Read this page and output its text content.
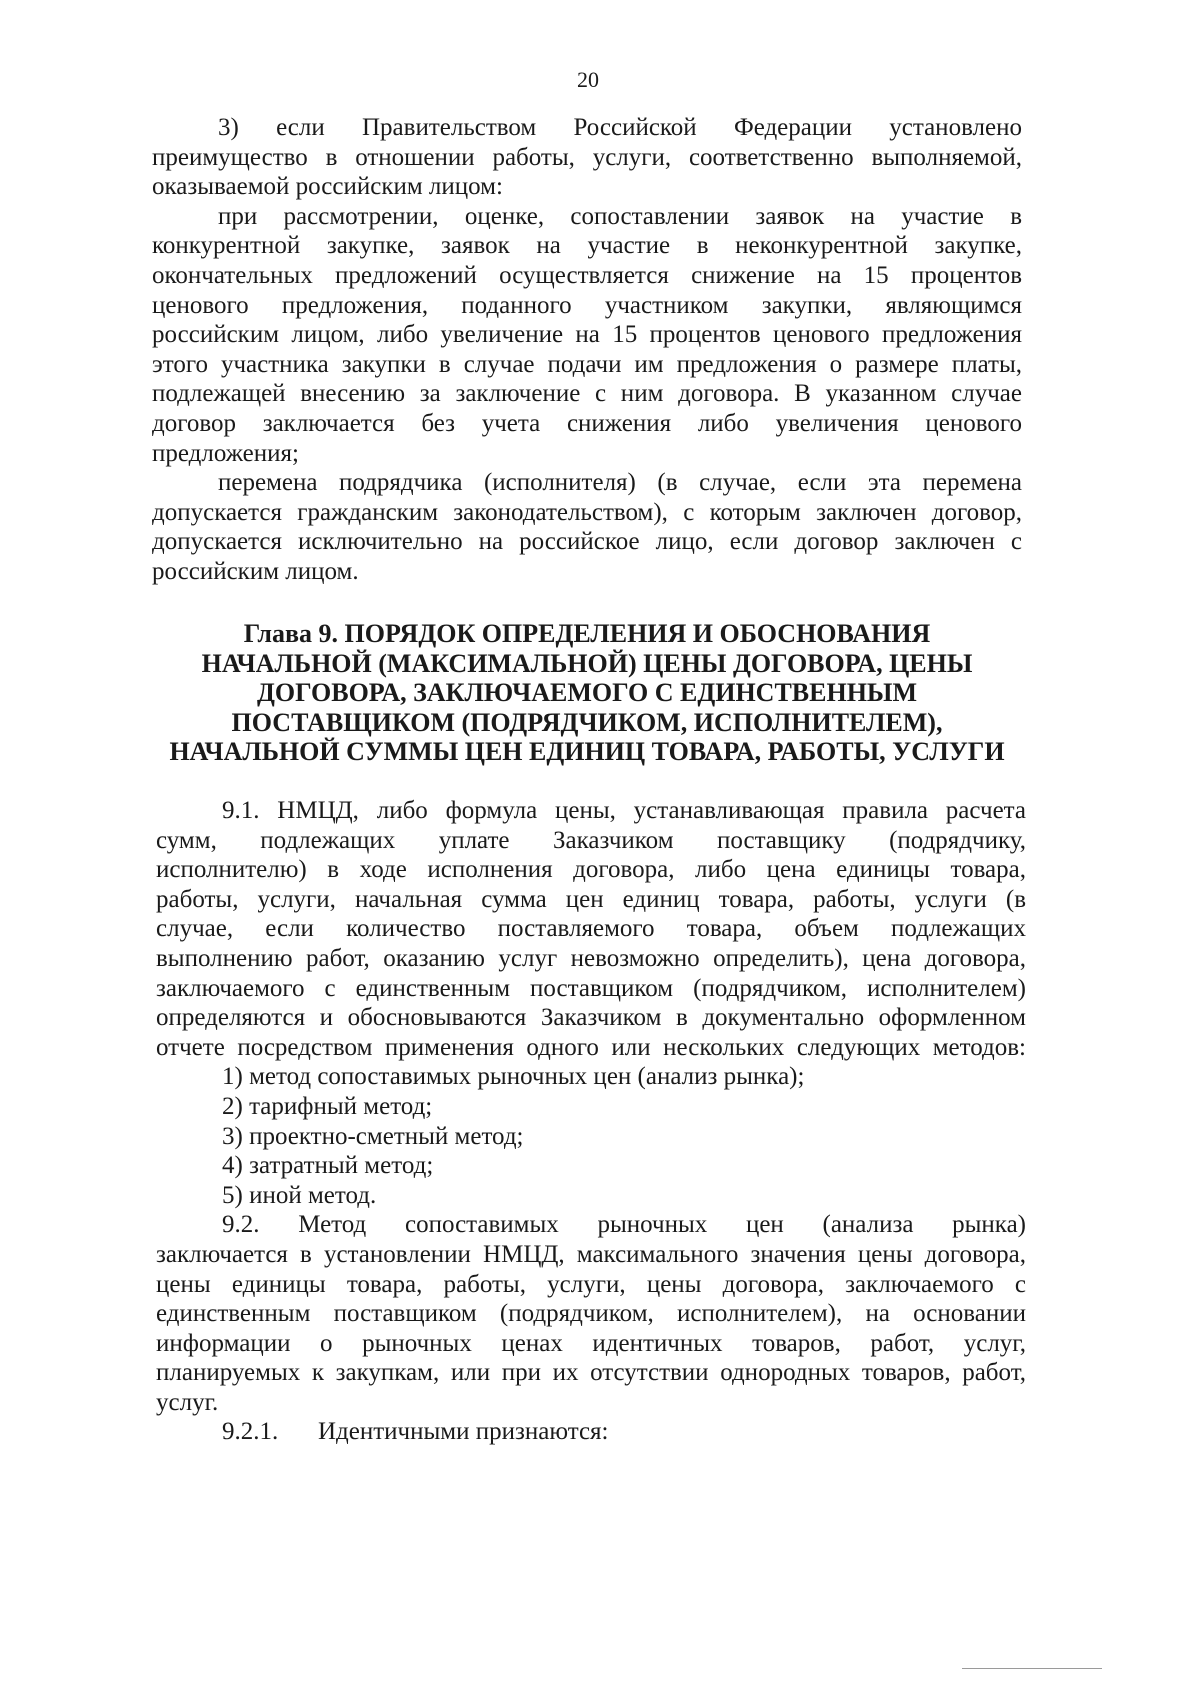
20
3) если Правительством Российской Федерации установлено
преимущество в отношении работы, услуги, соответственно выполняемой,
оказываемой российским лицом:
при рассмотрении, оценке, сопоставлении заявок на участие в
конкурентной закупке, заявок на участие в неконкурентной закупке,
окончательных предложений осуществляется снижение на 15 процентов
ценового предложения, поданного участником закупки, являющимся
российским лицом, либо увеличение на 15 процентов ценового предложения
этого участника закупки в случае подачи им предложения о размере платы,
подлежащей внесению за заключение с ним договора. В указанном случае
договор заключается без учета снижения либо увеличения ценового
предложения;
перемена подрядчика (исполнителя) (в случае, если эта перемена
допускается гражданским законодательством), с которым заключен договор,
допускается исключительно на российское лицо, если договор заключен с
российским лицом.
Глава 9. ПОРЯДОК ОПРЕДЕЛЕНИЯ И ОБОСНОВАНИЯ
НАЧАЛЬНОЙ (МАКСИМАЛЬНОЙ) ЦЕНЫ ДОГОВОРА, ЦЕНЫ
ДОГОВОРА, ЗАКЛЮЧАЕМОГО С ЕДИНСТВЕННЫМ
ПОСТАВЩИКОМ (ПОДРЯДЧИКОМ, ИСПОЛНИТЕЛЕМ),
НАЧАЛЬНОЙ СУММЫ ЦЕН ЕДИНИЦ ТОВАРА, РАБОТЫ, УСЛУГИ
9.1. НМЦД, либо формула цены, устанавливающая правила расчета
сумм, подлежащих уплате Заказчиком поставщику (подрядчику,
исполнителю) в ходе исполнения договора, либо цена единицы товара,
работы, услуги, начальная сумма цен единиц товара, работы, услуги (в
случае, если количество поставляемого товара, объем подлежащих
выполнению работ, оказанию услуг невозможно определить), цена договора,
заключаемого с единственным поставщиком (подрядчиком, исполнителем)
определяются и обосновываются Заказчиком в документально оформленном
отчете посредством применения одного или нескольких следующих методов:
1) метод сопоставимых рыночных цен (анализ рынка);
2) тарифный метод;
3) проектно-сметный метод;
4) затратный метод;
5) иной метод.
9.2. Метод сопоставимых рыночных цен (анализа рынка)
заключается в установлении НМЦД, максимального значения цены договора,
цены единицы товара, работы, услуги, цены договора, заключаемого с
единственным поставщиком (подрядчиком, исполнителем), на основании
информации о рыночных ценах идентичных товаров, работ, услуг,
планируемых к закупкам, или при их отсутствии однородных товаров, работ,
услуг.
9.2.1. Идентичными признаются:
